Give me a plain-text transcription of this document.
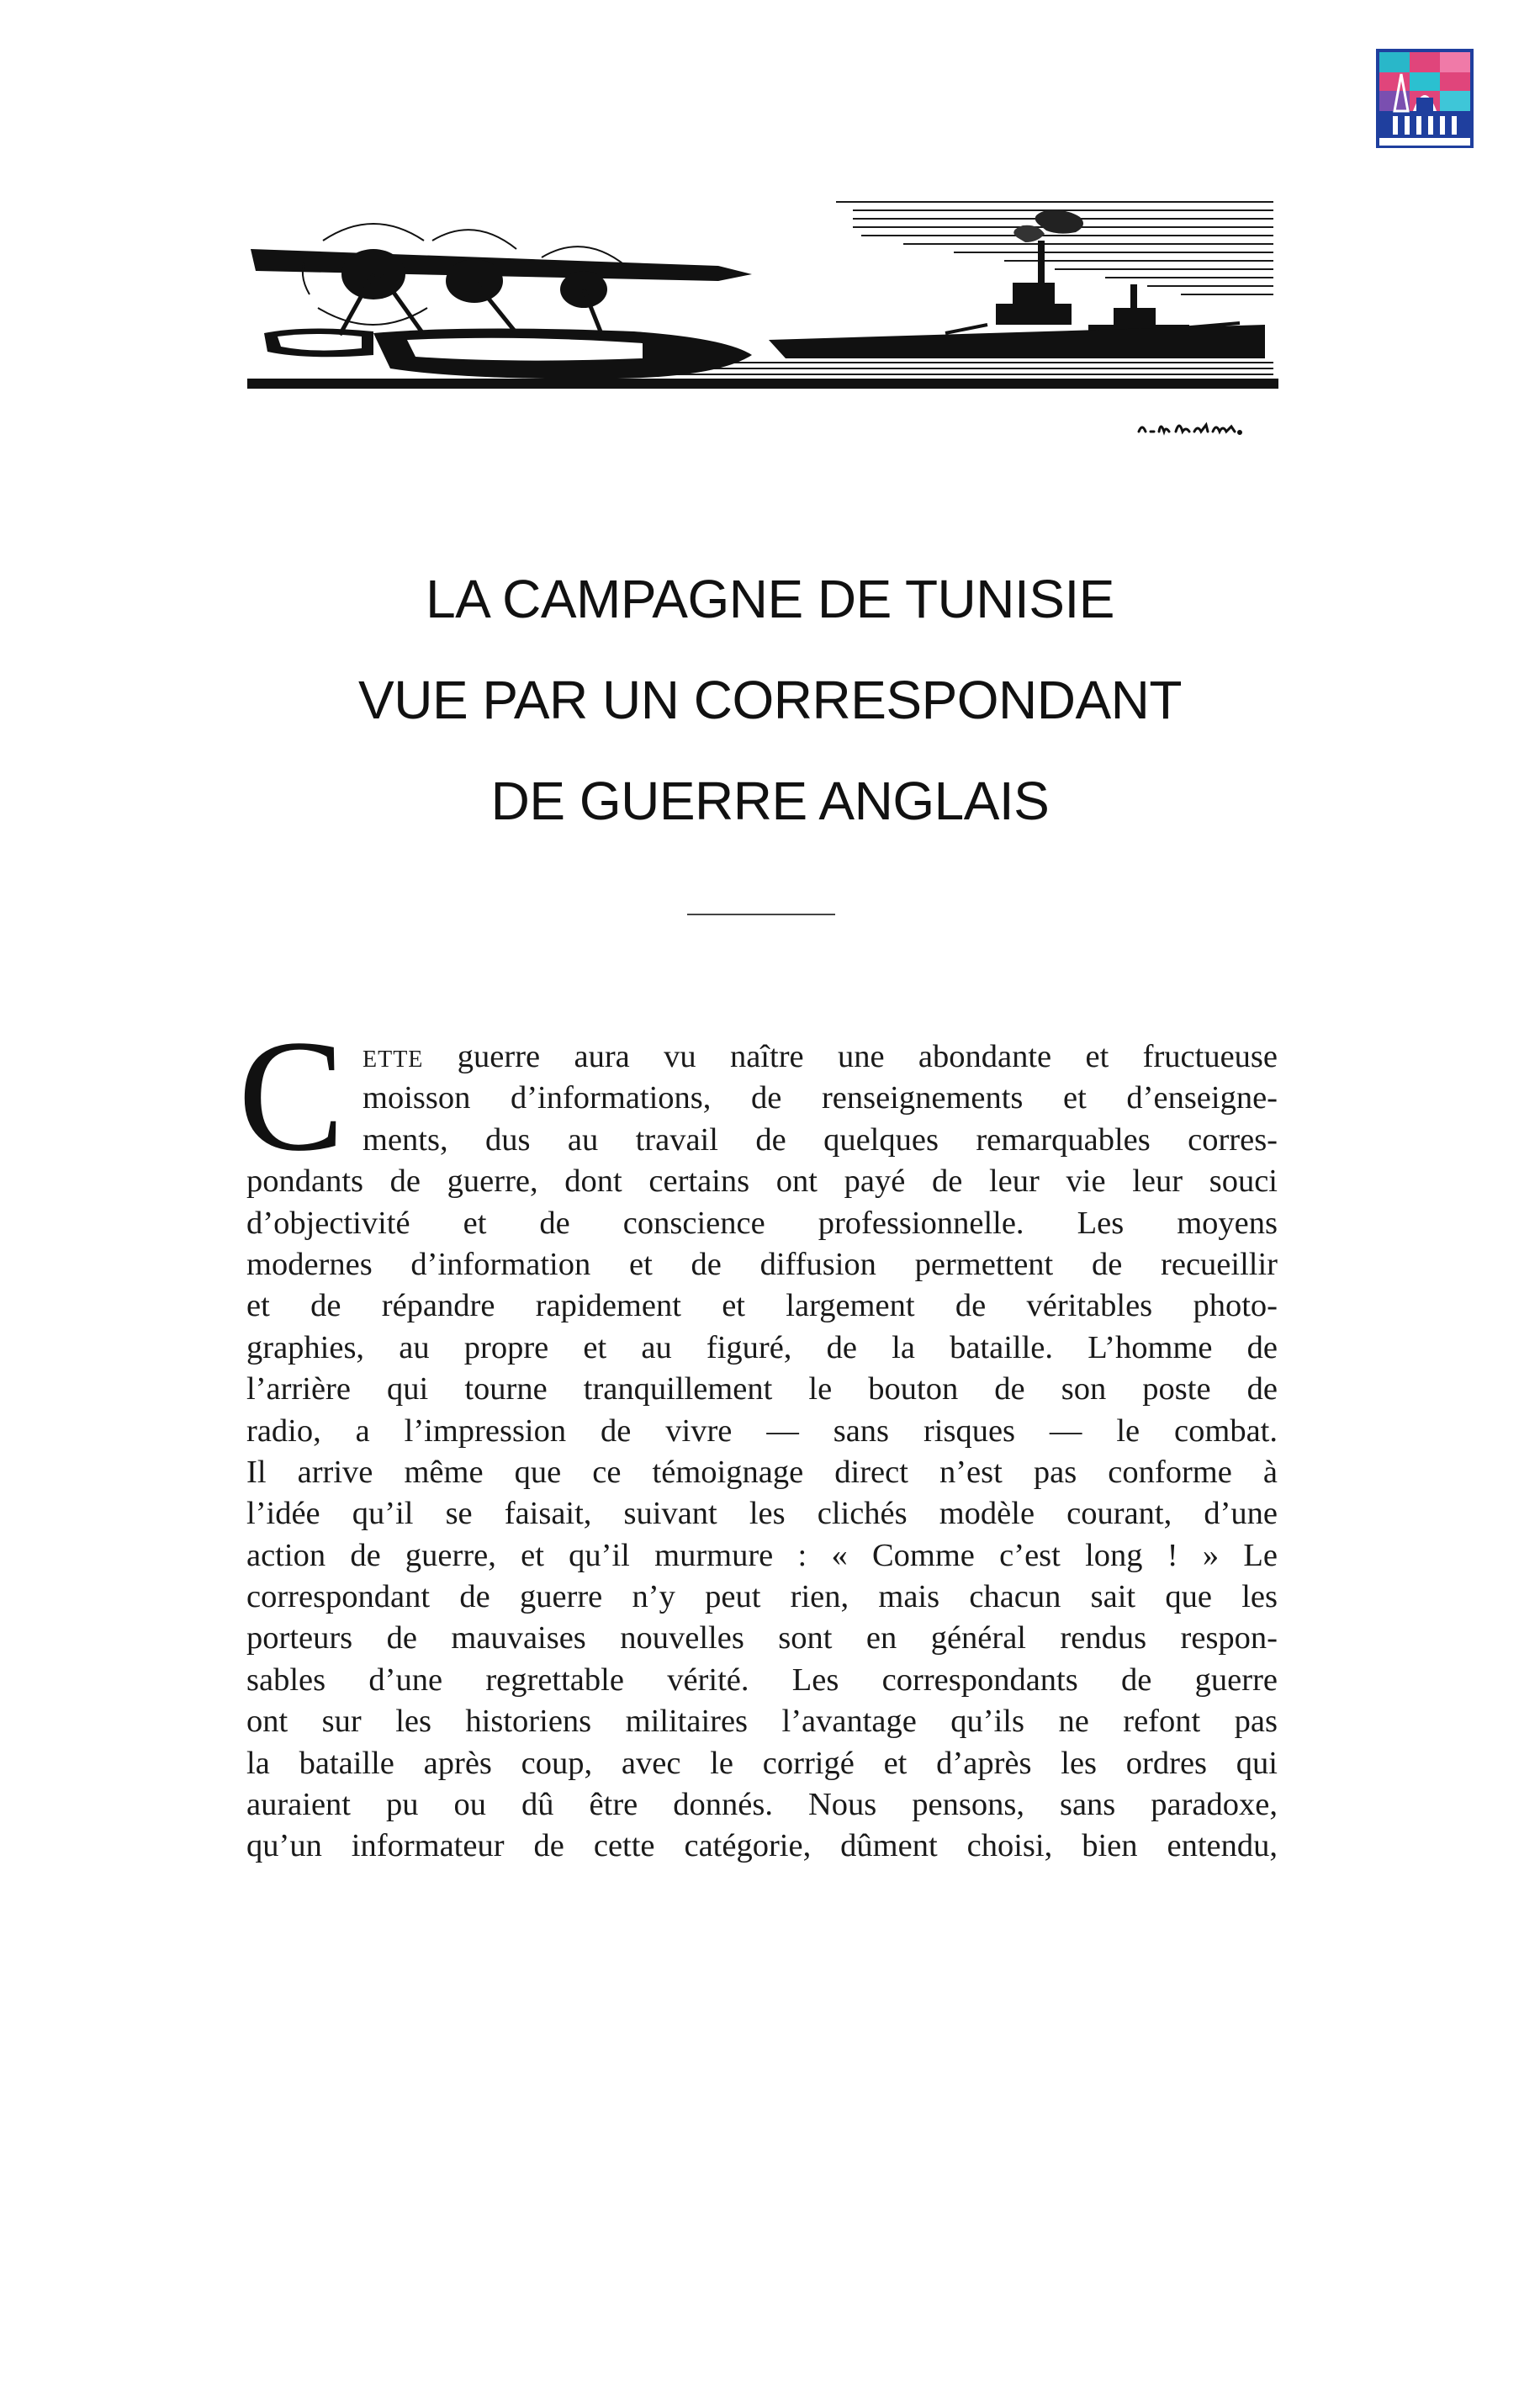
LA CAMPAGNE DE TUNISIE
VUE PAR UN CORRESPONDANT
DE GUERRE ANGLAIS
C ETTE guerre aura vu naître une abondante et fructueuse
moisson d’informations, de renseignements et d’enseigne-
ments, dus au travail de quelques remarquables corres-
pondants de guerre, dont certains ont payé de leur vie leur souci
d’objectivité et de conscience professionnelle. Les moyens
modernes d’information et de diffusion permettent de recueillir
et de répandre rapidement et largement de véritables photo-
graphies, au propre et au figuré, de la bataille. L’homme de
l’arrière qui tourne tranquillement le bouton de son poste de
radio, a l’impression de vivre — sans risques — le combat.
Il arrive même que ce témoignage direct n’est pas conforme à
l’idée qu’il se faisait, suivant les clichés modèle courant, d’une
action de guerre, et qu’il murmure : « Comme c’est long ! » Le
correspondant de guerre n’y peut rien, mais chacun sait que les
porteurs de mauvaises nouvelles sont en général rendus respon-
sables d’une regrettable vérité. Les correspondants de guerre
ont sur les historiens militaires l’avantage qu’ils ne refont pas
la bataille après coup, avec le corrigé et d’après les ordres qui
auraient pu ou dû être donnés. Nous pensons, sans paradoxe,
qu’un informateur de cette catégorie, dûment choisi, bien entendu,
